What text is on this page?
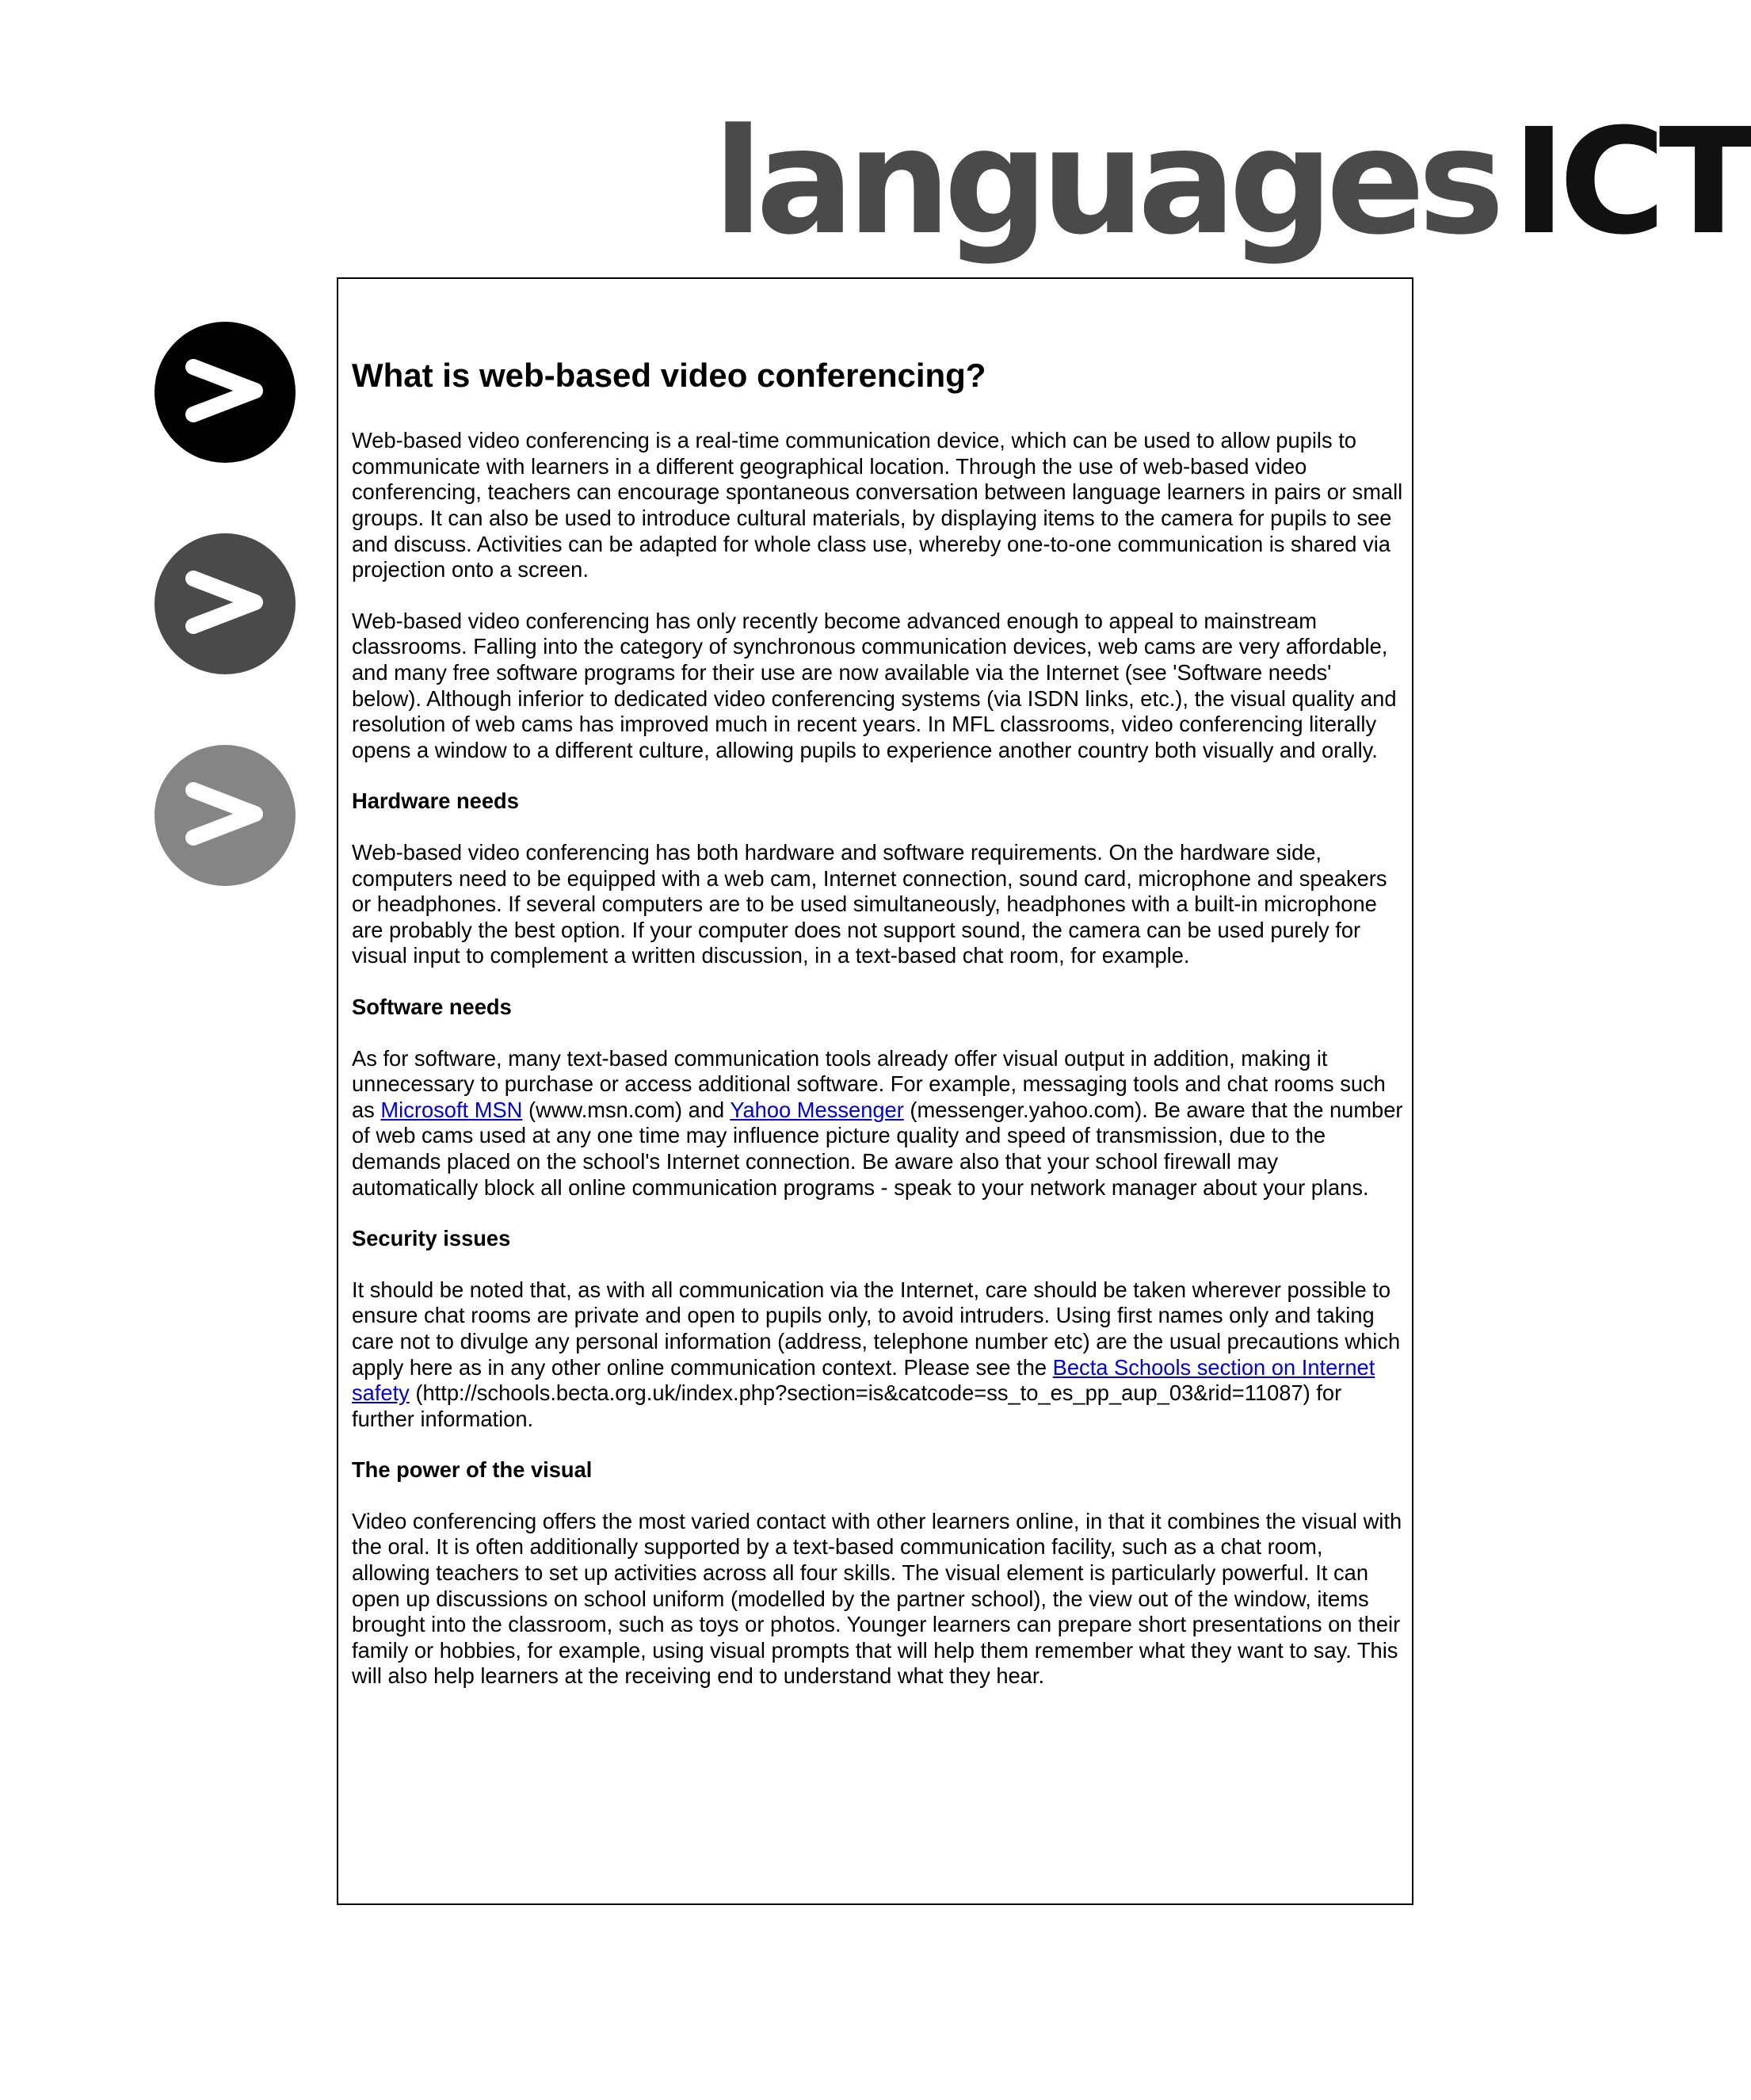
languagesICT
What is web-based video conferencing?

Web-based video conferencing is a real-time communication device, which can be used to allow pupils to communicate with learners in a different geographical location. Through the use of web-based video conferencing, teachers can encourage spontaneous conversation between language learners in pairs or small groups. It can also be used to introduce cultural materials, by displaying items to the camera for pupils to see and discuss. Activities can be adapted for whole class use, whereby one-to-one communication is shared via projection onto a screen.

Web-based video conferencing has only recently become advanced enough to appeal to mainstream classrooms. Falling into the category of synchronous communication devices, web cams are very affordable, and many free software programs for their use are now available via the Internet (see 'Software needs' below). Although inferior to dedicated video conferencing systems (via ISDN links, etc.), the visual quality and resolution of web cams has improved much in recent years. In MFL classrooms, video conferencing literally opens a window to a different culture, allowing pupils to experience another country both visually and orally.

Hardware needs

Web-based video conferencing has both hardware and software requirements. On the hardware side, computers need to be equipped with a web cam, Internet connection, sound card, microphone and speakers or headphones. If several computers are to be used simultaneously, headphones with a built-in microphone are probably the best option. If your computer does not support sound, the camera can be used purely for visual input to complement a written discussion, in a text-based chat room, for example.

Software needs

As for software, many text-based communication tools already offer visual output in addition, making it unnecessary to purchase or access additional software. For example, messaging tools and chat rooms such as Microsoft MSN (www.msn.com) and Yahoo Messenger (messenger.yahoo.com). Be aware that the number of web cams used at any one time may influence picture quality and speed of transmission, due to the demands placed on the school's Internet connection. Be aware also that your school firewall may automatically block all online communication programs - speak to your network manager about your plans.

Security issues

It should be noted that, as with all communication via the Internet, care should be taken wherever possible to ensure chat rooms are private and open to pupils only, to avoid intruders. Using first names only and taking care not to divulge any personal information (address, telephone number etc) are the usual precautions which apply here as in any other online communication context. Please see the Becta Schools section on Internet safety (http://schools.becta.org.uk/index.php?section=is&catcode=ss_to_es_pp_aup_03&rid=11087) for further information.

The power of the visual

Video conferencing offers the most varied contact with other learners online, in that it combines the visual with the oral. It is often additionally supported by a text-based communication facility, such as a chat room, allowing teachers to set up activities across all four skills. The visual element is particularly powerful. It can open up discussions on school uniform (modelled by the partner school), the view out of the window, items brought into the classroom, such as toys or photos. Younger learners can prepare short presentations on their family or hobbies, for example, using visual prompts that will help them remember what they want to say. This will also help learners at the receiving end to understand what they hear.
